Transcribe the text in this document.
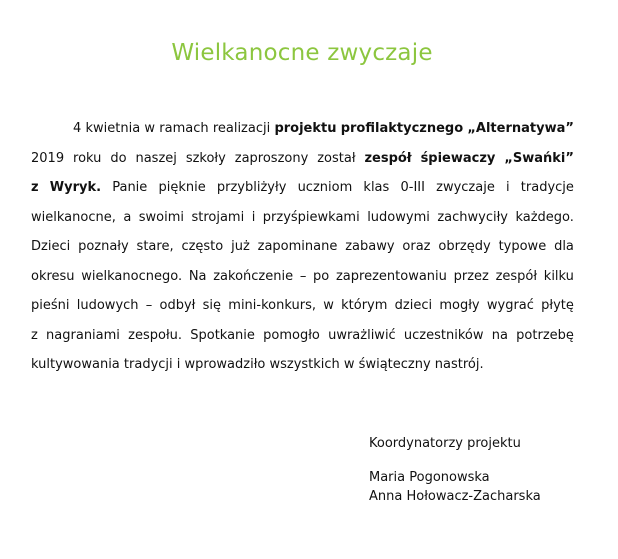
Wielkanocne zwyczaje
4 kwietnia w ramach realizacji projektu profilaktycznego „Alternatywa”
2019 roku do naszej szkoły zaproszony został zespół śpiewaczy „Swańki”
z Wyryk. Panie pięknie przybliżyły uczniom klas 0-III zwyczaje i tradycje
wielkanocne, a swoimi strojami i przyśpiewkami ludowymi zachwyciły każdego.
Dzieci poznały stare, często już zapominane zabawy oraz obrzędy typowe dla
okresu wielkanocnego. Na zakończenie – po zaprezentowaniu przez zespół kilku
pieśni ludowych – odbył się mini-konkurs, w którym dzieci mogły wygrać płytę
z nagraniami zespołu. Spotkanie pomogło uwrażliwić uczestników na potrzebę
kultywowania tradycji i wprowadziło wszystkich w świąteczny nastrój.
Koordynatorzy projektu
Maria Pogonowska
Anna Hołowacz-Zacharska
